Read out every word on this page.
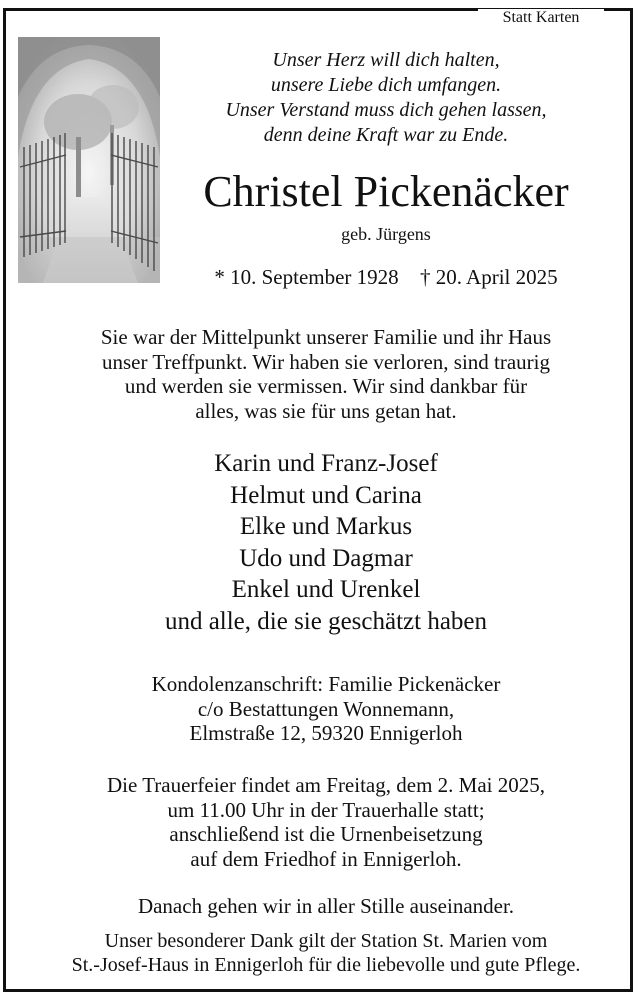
Statt Karten
Unser Herz will dich halten,
unsere Liebe dich umfangen.
Unser Verstand muss dich gehen lassen,
denn deine Kraft war zu Ende.
Christel Pickenäcker
geb. Jürgens
* 10. September 1928 † 20. April 2025
Sie war der Mittelpunkt unserer Familie und ihr Haus
unser Treffpunkt. Wir haben sie verloren, sind traurig
und werden sie vermissen. Wir sind dankbar für
alles, was sie für uns getan hat.
Karin und Franz-Josef
Helmut und Carina
Elke und Markus
Udo und Dagmar
Enkel und Urenkel
und alle, die sie geschätzt haben
Kondolenzanschrift: Familie Pickenäcker
c/o Bestattungen Wonnemann,
Elmstraße 12, 59320 Ennigerloh
Die Trauerfeier findet am Freitag, dem 2. Mai 2025,
um 11.00 Uhr in der Trauerhalle statt;
anschließend ist die Urnenbeisetzung
auf dem Friedhof in Ennigerloh.
Danach gehen wir in aller Stille auseinander.
Unser besonderer Dank gilt der Station St. Marien vom
St.-Josef-Haus in Ennigerloh für die liebevolle und gute Pflege.
